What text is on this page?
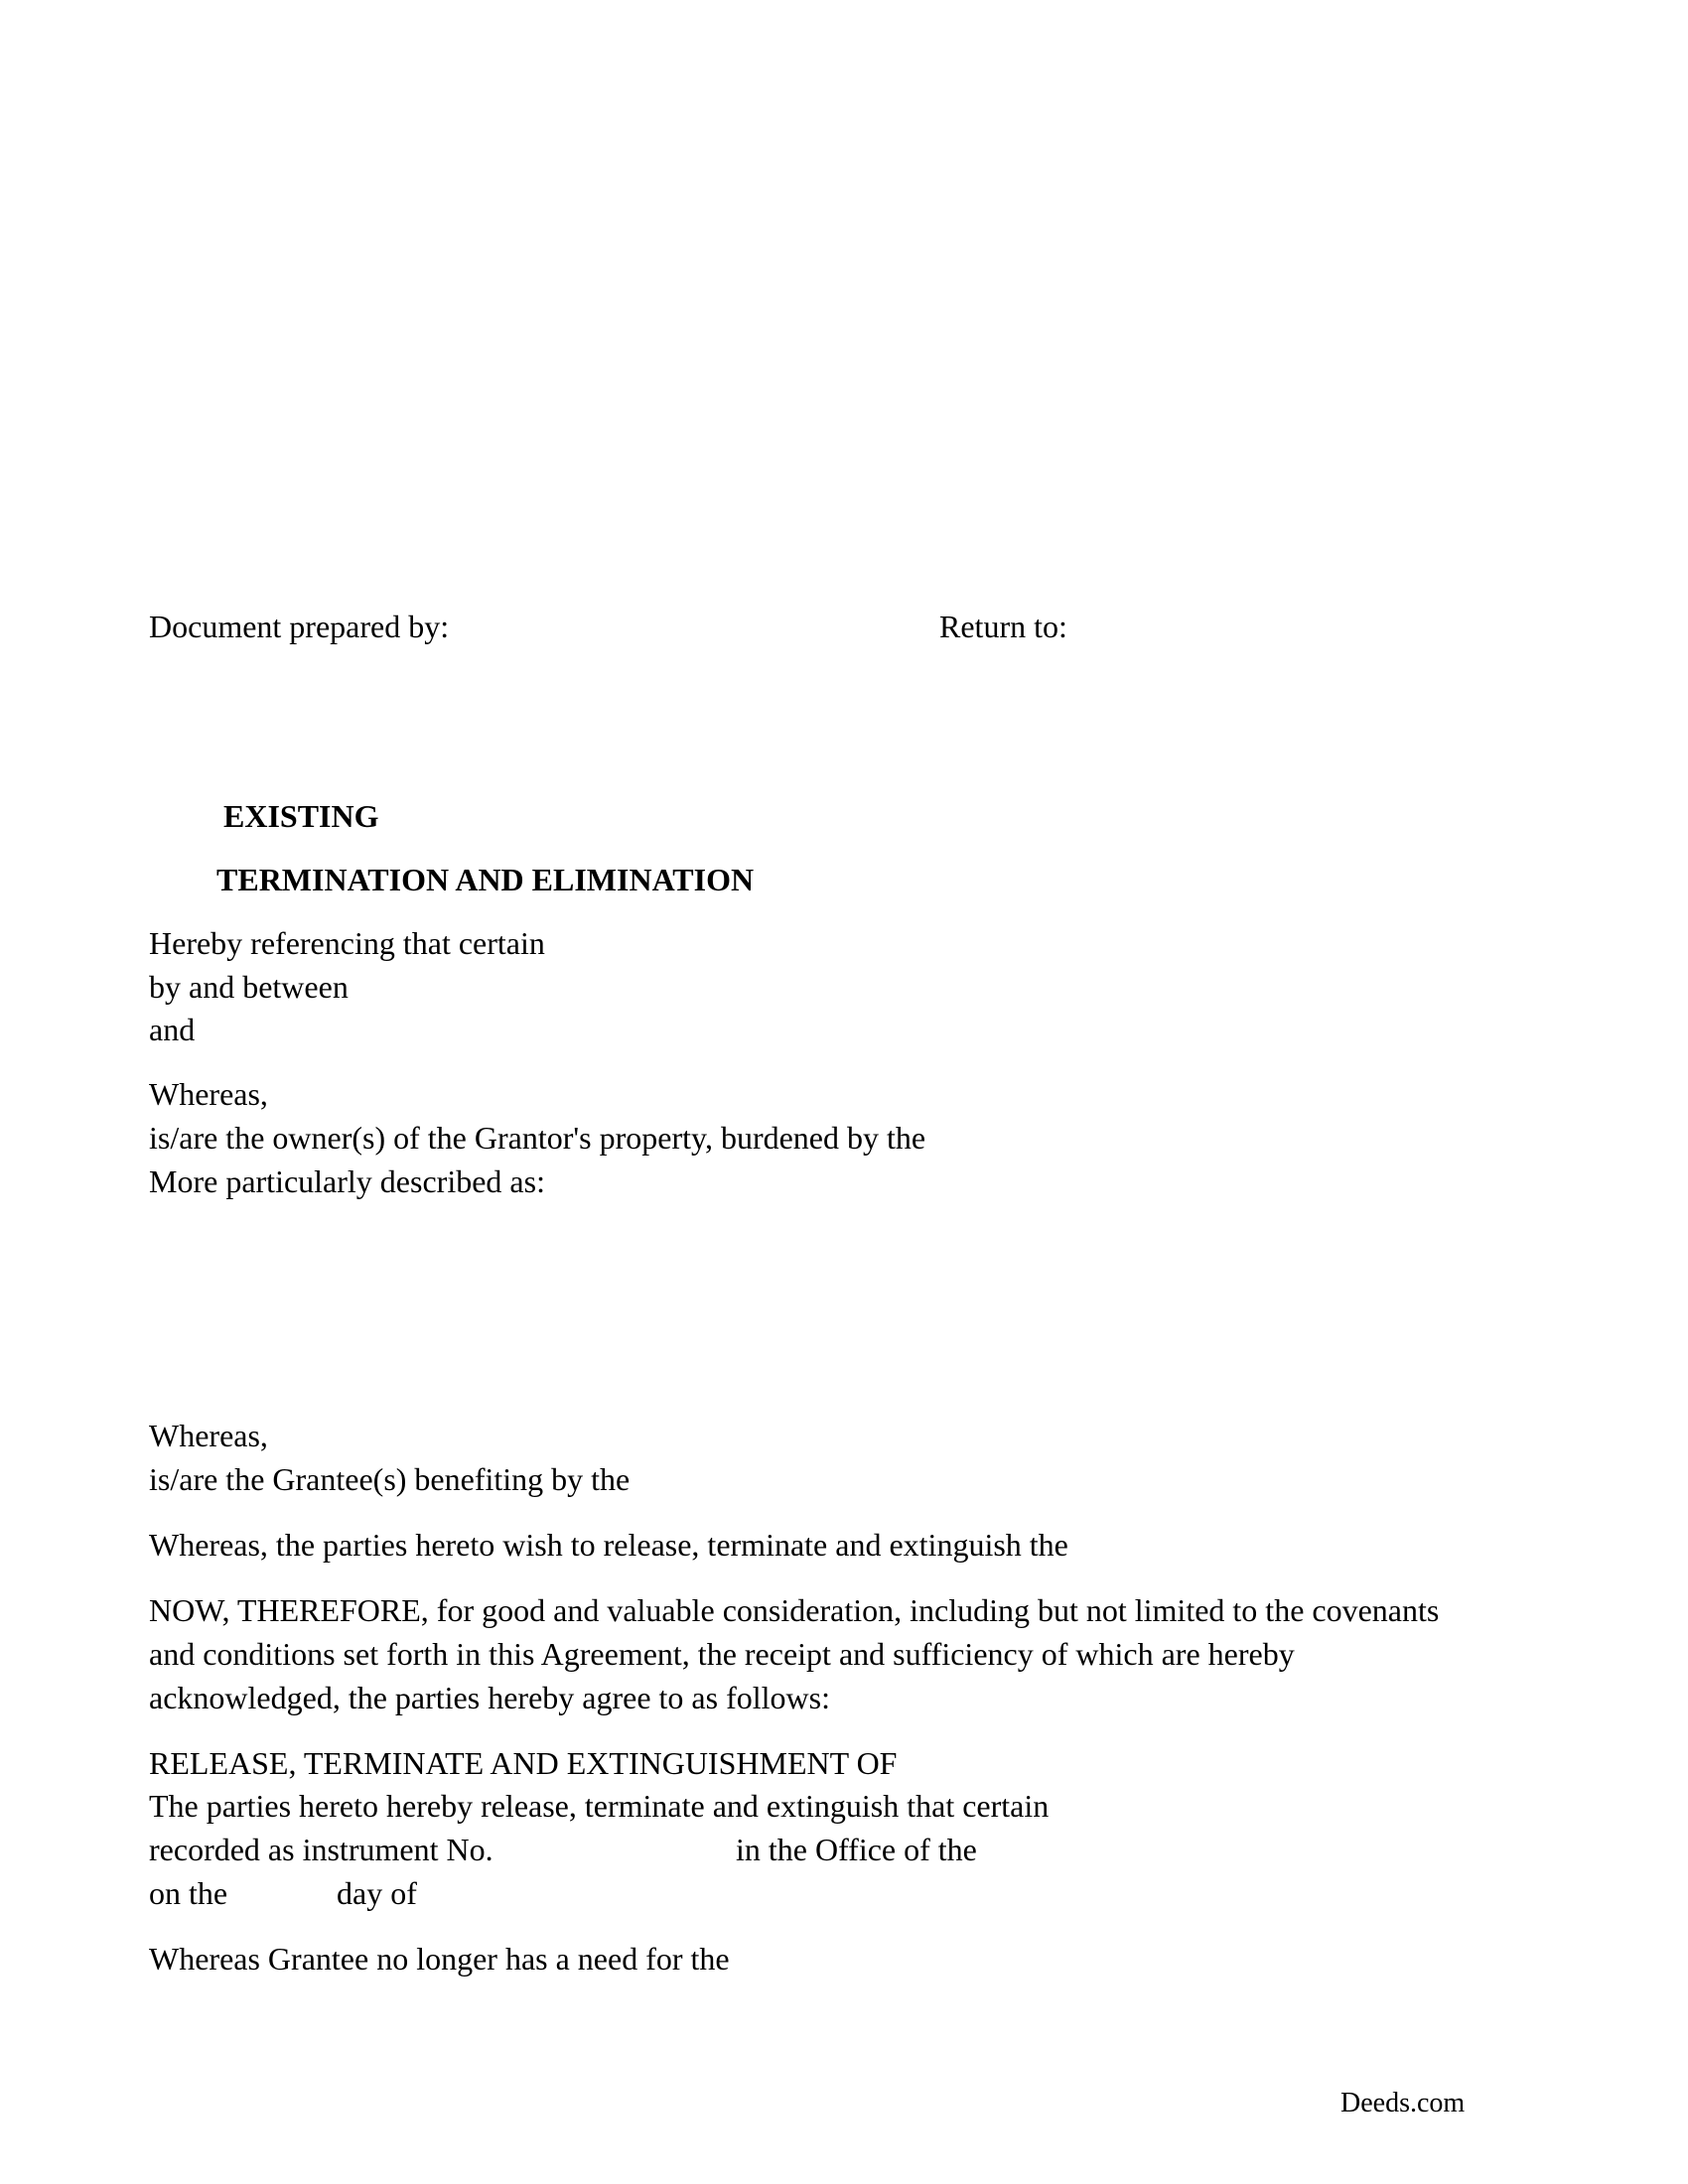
Document prepared by:	Return to:
EXISTING
TERMINATION AND ELIMINATION
Hereby referencing that certain
by and between
and
Whereas,
is/are the owner(s) of the Grantor's property, burdened by the
More particularly described as:
Whereas,
is/are the Grantee(s) benefiting by the
Whereas, the parties hereto wish to release, terminate and extinguish the
NOW, THEREFORE, for good and valuable consideration, including but not limited to the covenants
and conditions set forth in this Agreement, the receipt and sufficiency of which are hereby
acknowledged, the parties hereby agree to as follows:
RELEASE, TERMINATE AND EXTINGUISHMENT OF
The parties hereto hereby release, terminate and extinguish that certain
recorded as instrument No.	in the Office of the
on the	day of
Whereas Grantee no longer has a need for the
Deeds.com
